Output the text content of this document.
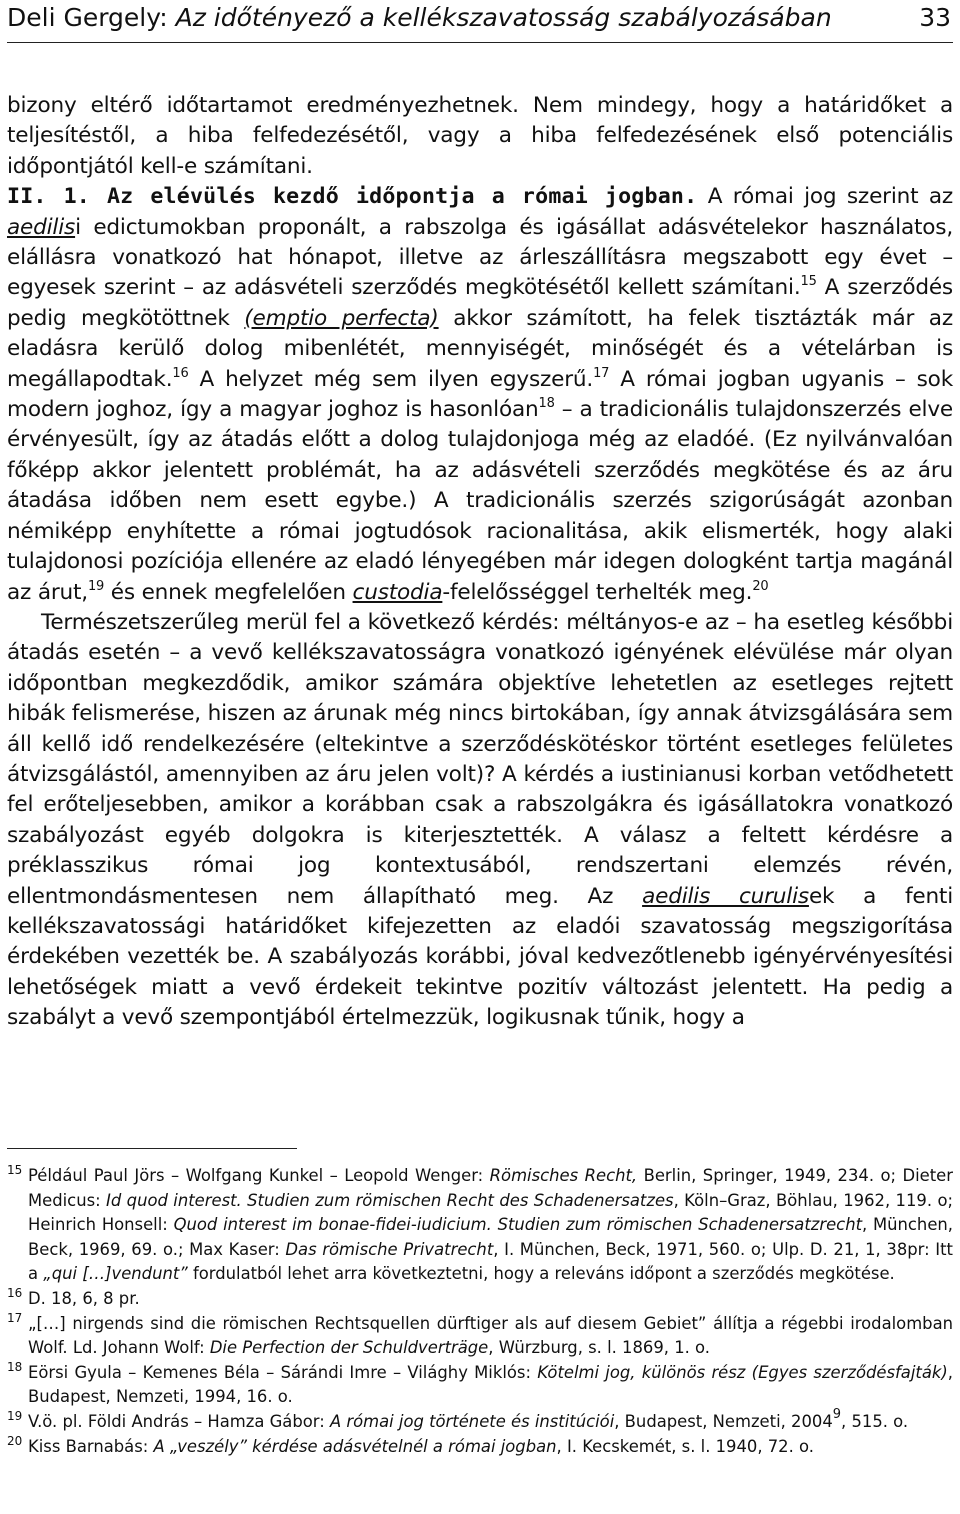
Deli Gergely: Az időtényező a kellékszavatosság szabályozásában	33

bizony eltérő időtartamot eredményezhetnek. Nem mindegy, hogy a határidőket a teljesítéstől, a hiba felfedezésétől, vagy a hiba felfedezésének első potenciális időpontjától kell-e számítani.

II. 1. Az elévülés kezdő időpontja a római jogban. A római jog szerint az aedilisi edictumokban proponált, a rabszolga és igásállat adásvételekor használatos, elállásra vonatkozó hat hónapot, illetve az árleszállításra megszabott egy évet – egyesek szerint – az adásvételi szerződés megkötésétől kellett számítani.$^{15}$ A szerződés pedig megkötöttnek (emptio perfecta) akkor számított, ha felek tisztázták már az eladásra kerülő dolog mibenlétét, mennyiségét, minőségét és a vételárban is megállapodtak.$^{16}$ A helyzet még sem ilyen egyszerű.$^{17}$ A római jogban ugyanis – sok modern joghoz, így a magyar joghoz is hasonlóan$^{18}$ – a tradicionális tulajdonszerzés elve érvényesült, így az átadás előtt a dolog tulajdonjoga még az eladóé. (Ez nyilvánvalóan főképp akkor jelentett problémát, ha az adásvételi szerződés megkötése és az áru átadása időben nem esett egybe.) A tradicionális szerzés szigorúságát azonban némiképp enyhítette a római jogtudósok racionalitása, akik elismerték, hogy alaki tulajdonosi pozíciója ellenére az eladó lényegében már idegen dologként tartja magánál az árut,$^{19}$ és ennek megfelelően custodia-felelősséggel terhelték meg.$^{20}$

Természetszerűleg merül fel a következő kérdés: méltányos-e az – ha esetleg későbbi átadás esetén – a vevő kellékszavatosságra vonatkozó igényének elévülése már olyan időpontban megkezdődik, amikor számára objektíve lehetetlen az esetleges rejtett hibák felismerése, hiszen az árunak még nincs birtokában, így annak átvizsgálására sem áll kellő idő rendelkezésére (eltekintve a szerződéskötéskor történt esetleges felületes átvizsgálástól, amennyiben az áru jelen volt)? A kérdés a iustinianusi korban vetődhetett fel erőteljesebben, amikor a korábban csak a rabszolgákra és igásállatokra vonatkozó szabályozást egyéb dolgokra is kiterjesztették. A válasz a feltett kérdésre a préklasszikus római jog kontextusából, rendszertani elemzés révén, ellentmondásmentesen nem állapítható meg. Az aedilis curulisek a fenti kellékszavatossági határidőket kifejezetten az eladói szavatosság megszigorítása érdekében vezették be. A szabályozás korábbi, jóval kedvezőtlenebb igényérvényesítési lehetőségek miatt a vevő érdekeit tekintve pozitív változást jelentett. Ha pedig a szabályt a vevő szempontjából értelmezzük, logikusnak tűnik, hogy a

15 Például Paul Jörs – Wolfgang Kunkel – Leopold Wenger: Römisches Recht, Berlin, Springer, 1949, 234. o; Dieter Medicus: Id quod interest. Studien zum römischen Recht des Schadenersatzes, Köln–Graz, Böhlau, 1962, 119. o; Heinrich Honsell: Quod interest im bonae-fidei-iudicium. Studien zum römischen Schadenersatzrecht, München, Beck, 1969, 69. o.; Max Kaser: Das römische Privatrecht, I. München, Beck, 1971, 560. o; Ulp. D. 21, 1, 38pr: Itt a „qui […]vendunt” fordulatból lehet arra következtetni, hogy a releváns időpont a szerződés megkötése.

16 D. 18, 6, 8 pr.

17 „[…] nirgends sind die römischen Rechtsquellen dürftiger als auf diesem Gebiet” állítja a régebbi irodalomban Wolf. Ld. Johann Wolf: Die Perfection der Schuldverträge, Würzburg, s. l. 1869, 1. o.

18 Eörsi Gyula – Kemenes Béla – Sárándi Imre – Világhy Miklós: Kötelmi jog, különös rész (Egyes szerződésfajták), Budapest, Nemzeti, 1994, 16. o.

19 V.ö. pl. Földi András – Hamza Gábor: A római jog története és institúciói, Budapest, Nemzeti, 2004$^9$, 515. o.

20 Kiss Barnabás: A „veszély” kérdése adásvételnél a római jogban, I. Kecskemét, s. l. 1940, 72. o.
